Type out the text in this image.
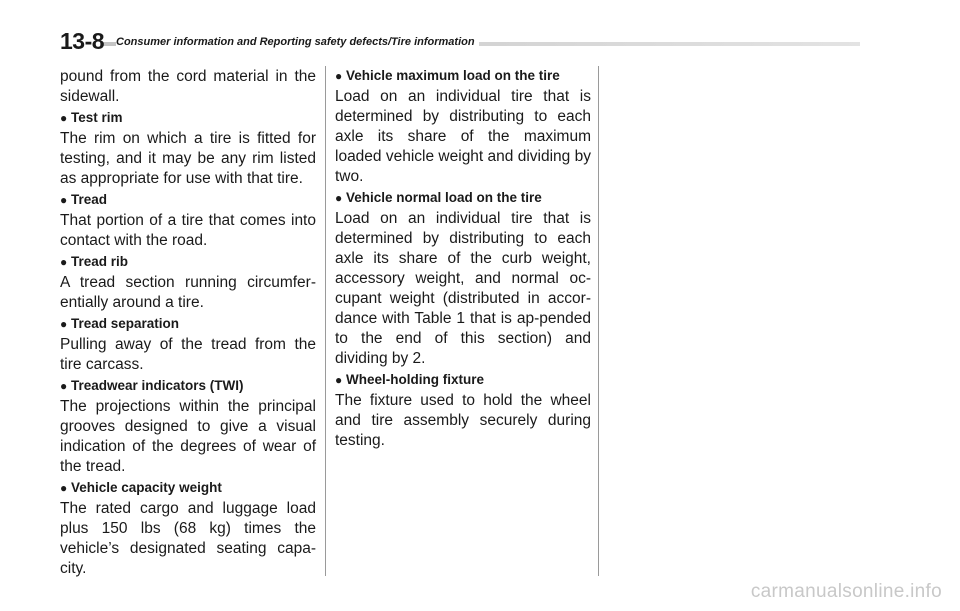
13-8 Consumer information and Reporting safety defects/Tire information

pound from the cord material in the sidewall.

● Test rim

The rim on which a tire is fitted for testing, and it may be any rim listed as appropriate for use with that tire.

● Tread

That portion of a tire that comes into contact with the road.

● Tread rib

A tread section running circumfer-entially around a tire.

● Tread separation

Pulling away of the tread from the tire carcass.

● Treadwear indicators (TWI)

The projections within the principal grooves designed to give a visual indication of the degrees of wear of the tread.

● Vehicle capacity weight

The rated cargo and luggage load plus 150 lbs (68 kg) times the vehicle’s designated seating capa-city.

● Vehicle maximum load on the tire

Load on an individual tire that is determined by distributing to each axle its share of the maximum loaded vehicle weight and dividing by two.

● Vehicle normal load on the tire

Load on an individual tire that is determined by distributing to each axle its share of the curb weight, accessory weight, and normal oc-cupant weight (distributed in accor-dance with Table 1 that is ap-pended to the end of this section) and dividing by 2.

● Wheel-holding fixture

The fixture used to hold the wheel and tire assembly securely during testing.

carmanualsonline.info
